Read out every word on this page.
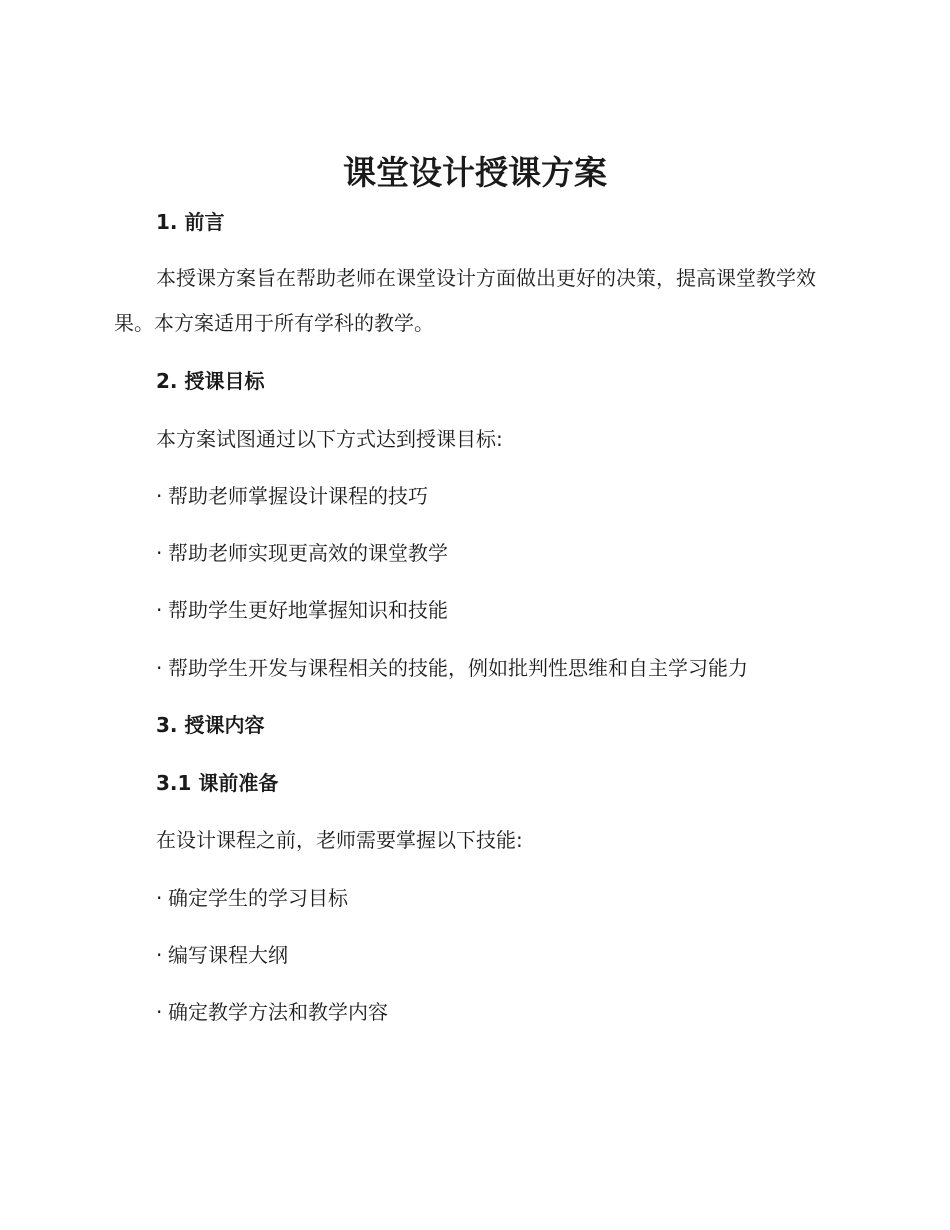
课堂设计授课方案
1. 前言

本授课方案旨在帮助老师在课堂设计方面做出更好的决策，提高课堂教学效果。本方案适用于所有学科的教学。

2. 授课目标

本方案试图通过以下方式达到授课目标:

· 帮助老师掌握设计课程的技巧

· 帮助老师实现更高效的课堂教学

· 帮助学生更好地掌握知识和技能

· 帮助学生开发与课程相关的技能，例如批判性思维和自主学习能力

3. 授课内容
3.1 课前准备

在设计课程之前，老师需要掌握以下技能:

· 确定学生的学习目标

· 编写课程大纲

· 确定教学方法和教学内容
